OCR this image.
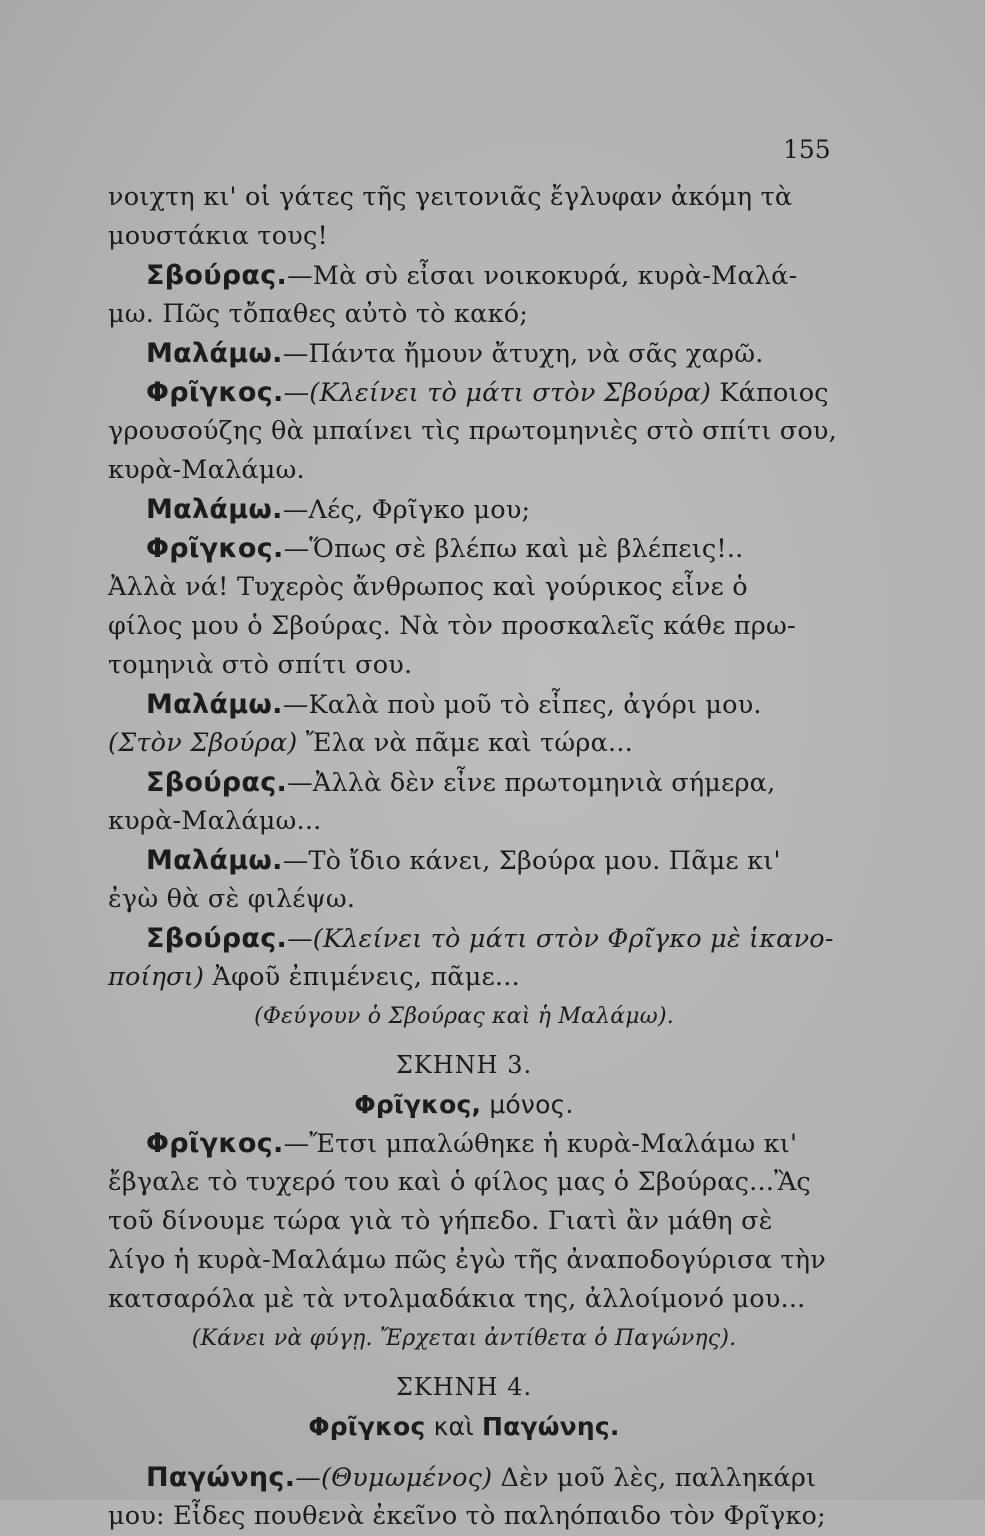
155
νοιχτη κι' οἱ γάτες τῆς γειτονιᾶς ἔγλυφαν ἀκόμη τὰ
μουστάκια τους!
Σβούρας.—Μὰ σὺ εἶσαι νοικοκυρά, κυρὰ-Μαλά-
μω. Πῶς τὄπαθες αὐτὸ τὸ κακό;
Μαλάμω.—Πάντα ἤμουν ἄτυχη, νὰ σᾶς χαρῶ.
Φρῖγκος.—(Κλείνει τὸ μάτι στὸν Σβούρα) Κάποιος
γρουσούζης θὰ μπαίνει τὶς πρωτομηνιὲς στὸ σπίτι σου,
κυρὰ-Μαλάμω.
Μαλάμω.—Λές, Φρῖγκο μου;
Φρῖγκος.—Ὅπως σὲ βλέπω καὶ μὲ βλέπεις!..
Ἀλλὰ νά! Τυχερὸς ἄνθρωπος καὶ γούρικος εἶνε ὁ
φίλος μου ὁ Σβούρας. Νὰ τὸν προσκαλεῖς κάθε πρω-
τομηνιὰ στὸ σπίτι σου.
Μαλάμω.—Καλὰ ποὺ μοῦ τὸ εἶπες, ἀγόρι μου.
(Στὸν Σβούρα) Ἔλα νὰ πᾶμε καὶ τώρα...
Σβούρας.—Ἀλλὰ δὲν εἶνε πρωτομηνιὰ σήμερα,
κυρὰ-Μαλάμω...
Μαλάμω.—Τὸ ἴδιο κάνει, Σβούρα μου. Πᾶμε κι'
ἐγὼ θὰ σὲ φιλέψω.
Σβούρας.—(Κλείνει τὸ μάτι στὸν Φρῖγκο μὲ ἱκανο-
ποίησι) Ἀφοῦ ἐπιμένεις, πᾶμε...
(Φεύγουν ὁ Σβούρας καὶ ἡ Μαλάμω).
ΣΚΗΝΗ 3.
Φρῖγκος, μόνος.
Φρῖγκος.—Ἔτσι μπαλώθηκε ἡ κυρὰ-Μαλάμω κι'
ἔβγαλε τὸ τυχερό του καὶ ὁ φίλος μας ὁ Σβούρας...Ἂς
τοῦ δίνουμε τώρα γιὰ τὸ γήπεδο. Γιατὶ ἂν μάθη σὲ
λίγο ἡ κυρὰ-Μαλάμω πῶς ἐγὼ τῆς ἀναποδογύρισα τὴν
κατσαρόλα μὲ τὰ ντολμαδάκια της, ἀλλοίμονό μου...
(Κάνει νὰ φύγῃ. Ἔρχεται ἀντίθετα ὁ Παγώνης).
ΣΚΗΝΗ 4.
Φρῖγκος καὶ Παγώνης.
Παγώνης.—(Θυμωμένος) Δὲν μοῦ λὲς, παλληκάρι
μου: Εἶδες πουθενὰ ἐκεῖνο τὸ παληόπαιδο τὸν Φρῖγκο;
